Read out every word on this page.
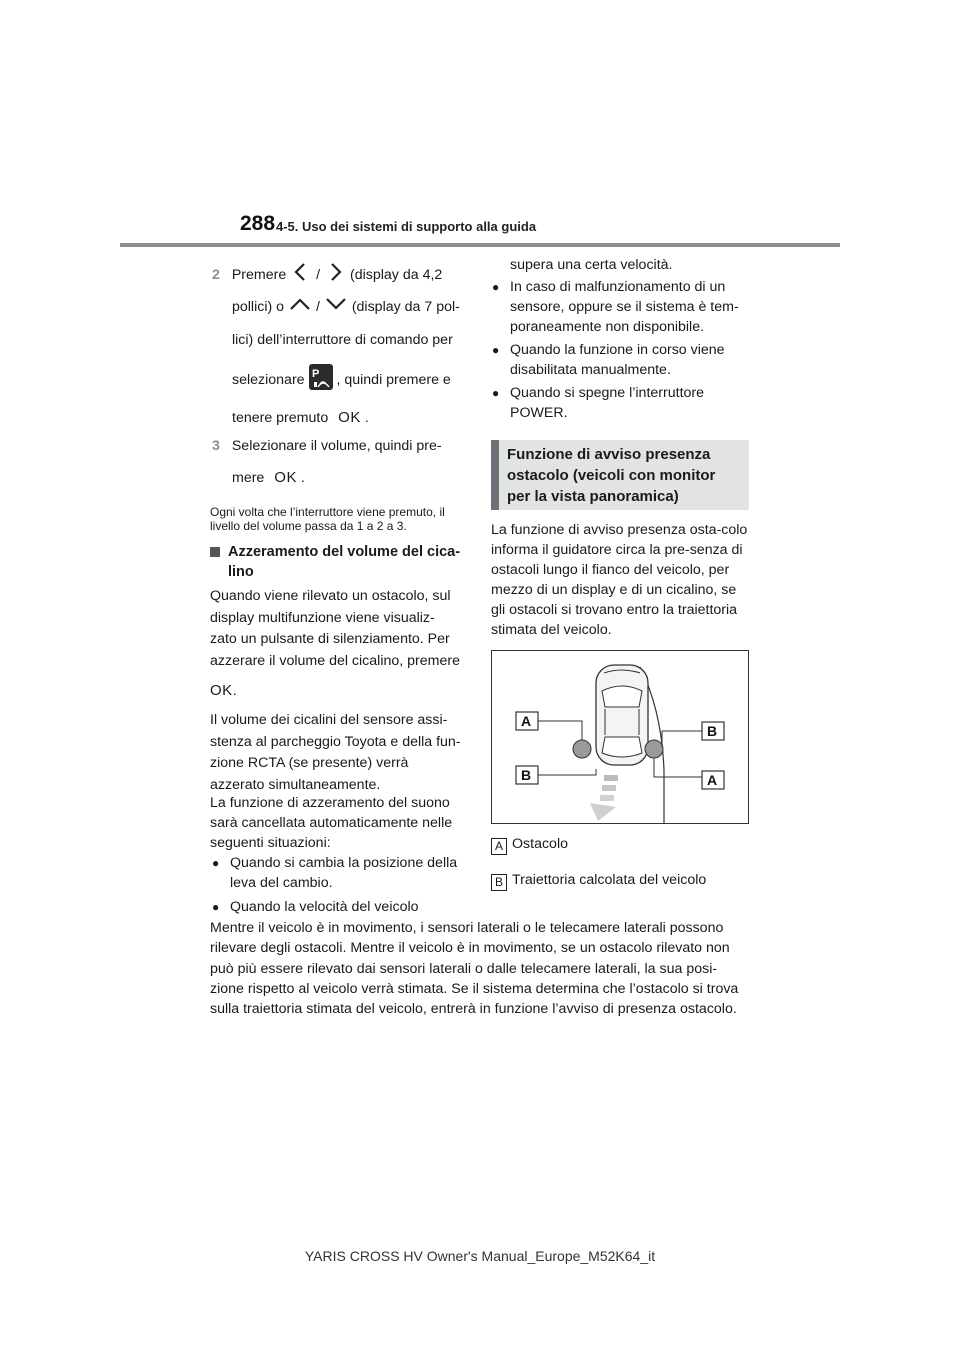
288 4-5. Uso dei sistemi di supporto alla guida
2 Premere / (display da 4,2
pollici) o / (display da 7 pol-
lici) dell’interruttore di comando per
selezionare P , quindi premere e
tenere premuto OK .
3 Selezionare il volume, quindi pre-
mere OK .
Ogni volta che l’interruttore viene premuto, il livello del volume passa da 1 a 2 a 3.
Azzeramento del volume del cica-lino
Quando viene rilevato un ostacolo, sul
display multifunzione viene visualiz-
zato un pulsante di silenziamento. Per
azzerare il volume del cicalino, premere
OK.
Il volume dei cicalini del sensore assi-
stenza al parcheggio Toyota e della fun-
zione RCTA (se presente) verrà
azzerato simultaneamente.
La funzione di azzeramento del suono sarà cancellata automaticamente nelle seguenti situazioni:
● Quando si cambia la posizione della leva del cambio.
● Quando la velocità del veicolo
supera una certa velocità.
● In caso di malfunzionamento di un sensore, oppure se il sistema è tem-poraneamente non disponibile.
● Quando la funzione in corso viene disabilitata manualmente.
● Quando si spegne l’interruttore POWER.
Funzione di avviso presenza ostacolo (veicoli con monitor per la vista panoramica)
La funzione di avviso presenza osta-colo informa il guidatore circa la pre-senza di ostacoli lungo il fianco del veicolo, per mezzo di un display e di un cicalino, se gli ostacoli si trovano entro la traiettoria stimata del veicolo.
A
B
B
A
A Ostacolo
B Traiettoria calcolata del veicolo
Mentre il veicolo è in movimento, i sensori laterali o le telecamere laterali possono rilevare degli ostacoli. Mentre il veicolo è in movimento, se un ostacolo rilevato non può più essere rilevato dai sensori laterali o dalle telecamere laterali, la sua posi-zione rispetto al veicolo verrà stimata. Se il sistema determina che l’ostacolo si trova sulla traiettoria stimata del veicolo, entrerà in funzione l’avviso di presenza ostacolo.
YARIS CROSS HV Owner's Manual_Europe_M52K64_it
